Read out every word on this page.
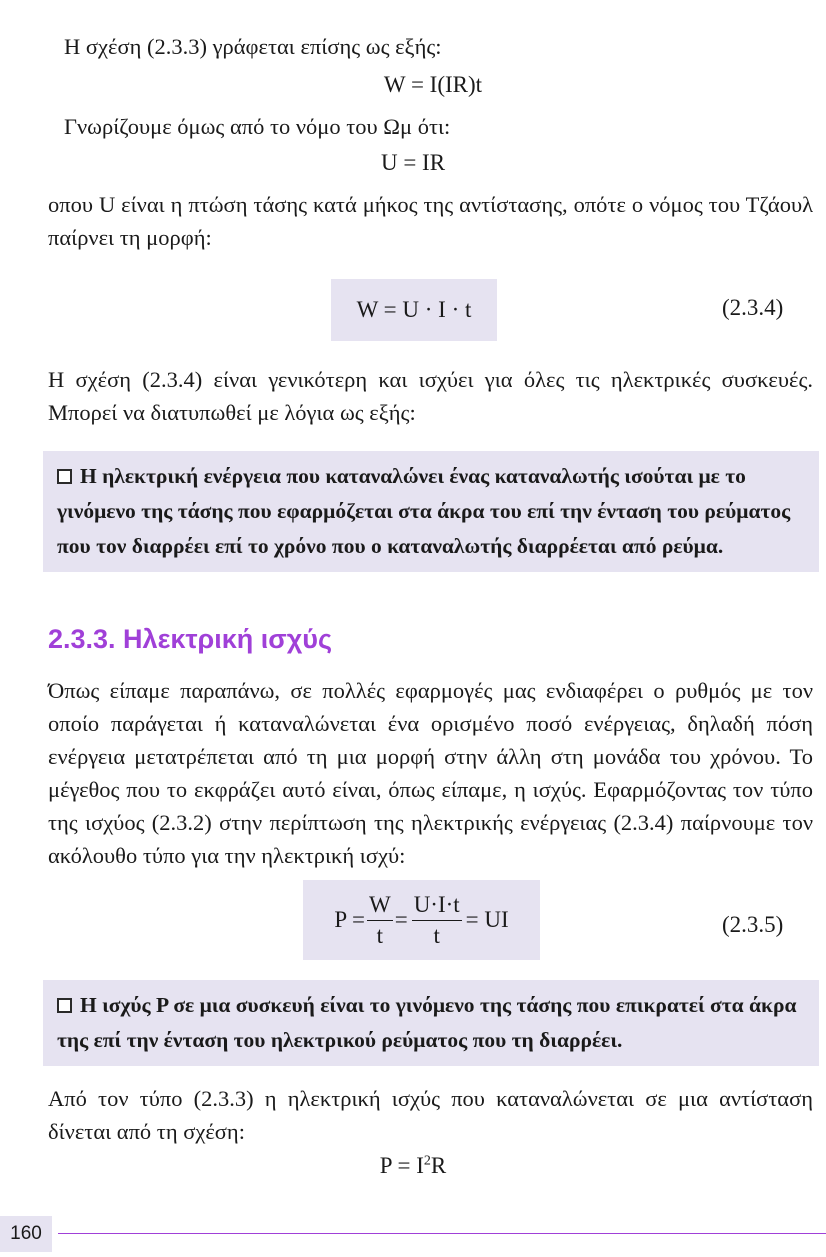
Η σχέση (2.3.3) γράφεται επίσης ως εξής:
W = I(IR)t
Γνωρίζουμε όμως από το νόμο του Ωμ ότι:
U = IR
οπου U είναι η πτώση τάσης κατά μήκος της αντίστασης, οπότε ο νόμος του Τζάουλ παίρνει τη μορφή:
W = U · I · t	(2.3.4)
Η σχέση (2.3.4) είναι γενικότερη και ισχύει για όλες τις ηλεκτρικές συσκευές. Μπορεί να διατυπωθεί με λόγια ως εξής:
Η ηλεκτρική ενέργεια που καταναλώνει ένας καταναλωτής ισούται με το γινόμενο της τάσης που εφαρμόζεται στα άκρα του επί την ένταση του ρεύματος που τον διαρρέει επί το χρόνο που ο καταναλωτής διαρρέεται από ρεύμα.
2.3.3. Ηλεκτρική ισχύς
Όπως είπαμε παραπάνω, σε πολλές εφαρμογές μας ενδιαφέρει ο ρυθμός με τον οποίο παράγεται ή καταναλώνεται ένα ορισμένο ποσό ενέργειας, δηλαδή πόση ενέργεια μετατρέπεται από τη μια μορφή στην άλλη στη μονάδα του χρόνου. Το μέγεθος που το εκφράζει αυτό είναι, όπως είπαμε, η ισχύς. Εφαρμόζοντας τον τύπο της ισχύος (2.3.2) στην περίπτωση της ηλεκτρικής ενέργειας (2.3.4) παίρνουμε τον ακόλουθο τύπο για την ηλεκτρική ισχύ:
$P = \frac{W}{t} = \frac{U\cdot I\cdot t}{t}$ = UI	(2.3.5)
Η ισχύς P σε μια συσκευή είναι το γινόμενο της τάσης που επικρατεί στα άκρα της επί την ένταση του ηλεκτρικού ρεύματος που τη διαρρέει.
Από τον τύπο (2.3.3) η ηλεκτρική ισχύς που καταναλώνεται σε μια αντίσταση δίνεται από τη σχέση:
$P = I^2R$
160
